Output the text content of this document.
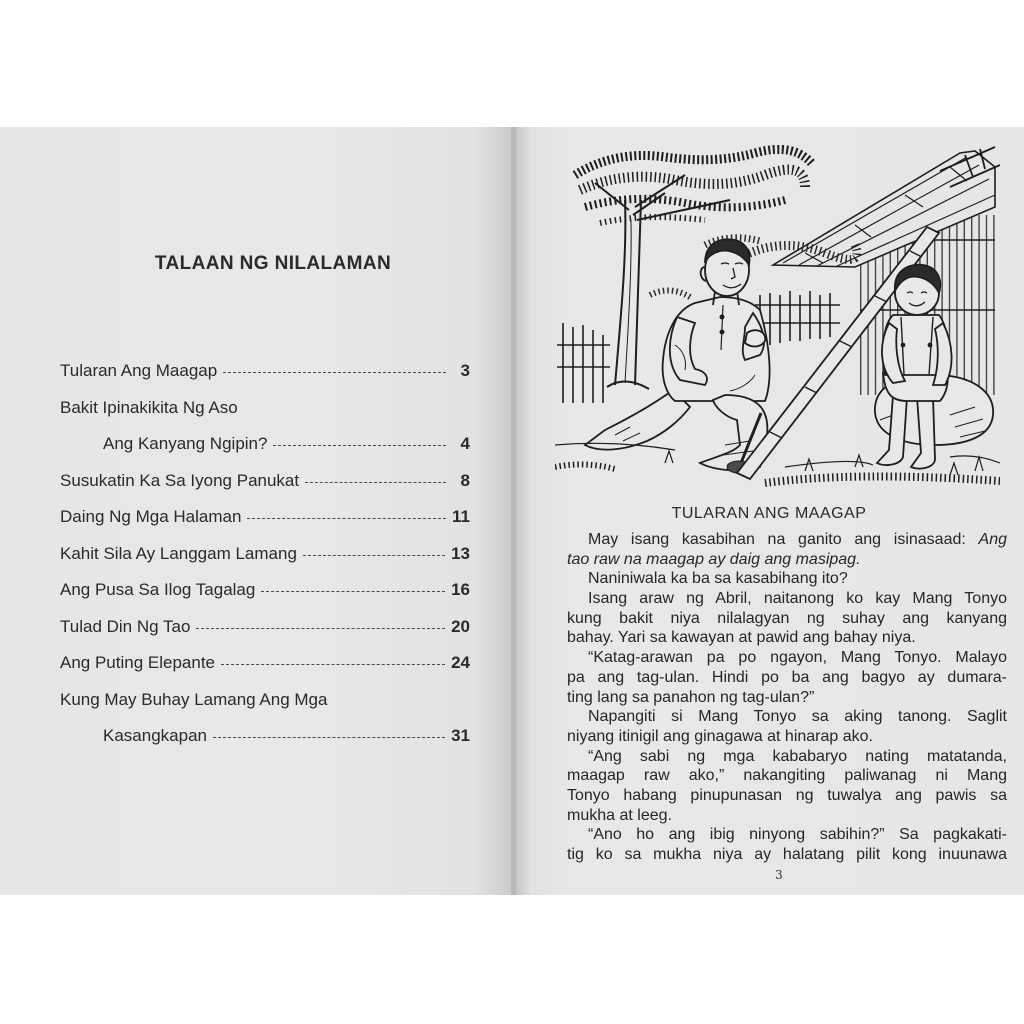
TALAAN NG NILALAMAN
Tularan Ang Maagap	3
Bakit Ipinakikita Ng Aso
Ang Kanyang Ngipin?	4
Susukatin Ka Sa Iyong Panukat	8
Daing Ng Mga Halaman	11
Kahit Sila Ay Langgam Lamang	13
Ang Pusa Sa Ilog Tagalag	16
Tulad Din Ng Tao	20
Ang Puting Elepante	24
Kung May Buhay Lamang Ang Mga
Kasangkapan	31
TULARAN ANG MAAGAP
May isang kasabihan na ganito ang isinasaad: Ang
tao raw na maagap ay daig ang masipag.
Naniniwala ka ba sa kasabihang ito?
Isang araw ng Abril, naitanong ko kay Mang Tonyo
kung bakit niya nilalagyan ng suhay ang kanyang
bahay. Yari sa kawayan at pawid ang bahay niya.
“Katag-arawan pa po ngayon, Mang Tonyo. Malayo
pa ang tag-ulan. Hindi po ba ang bagyo ay dumara-
ting lang sa panahon ng tag-ulan?”
Napangiti si Mang Tonyo sa aking tanong. Saglit
niyang itinigil ang ginagawa at hinarap ako.
“Ang sabi ng mga kababaryo nating matatanda,
maagap raw ako,” nakangiting paliwanag ni Mang
Tonyo habang pinupunasan ng tuwalya ang pawis sa
mukha at leeg.
“Ano ho ang ibig ninyong sabihin?” Sa pagkakati-
tig ko sa mukha niya ay halatang pilit kong inuunawa
3
